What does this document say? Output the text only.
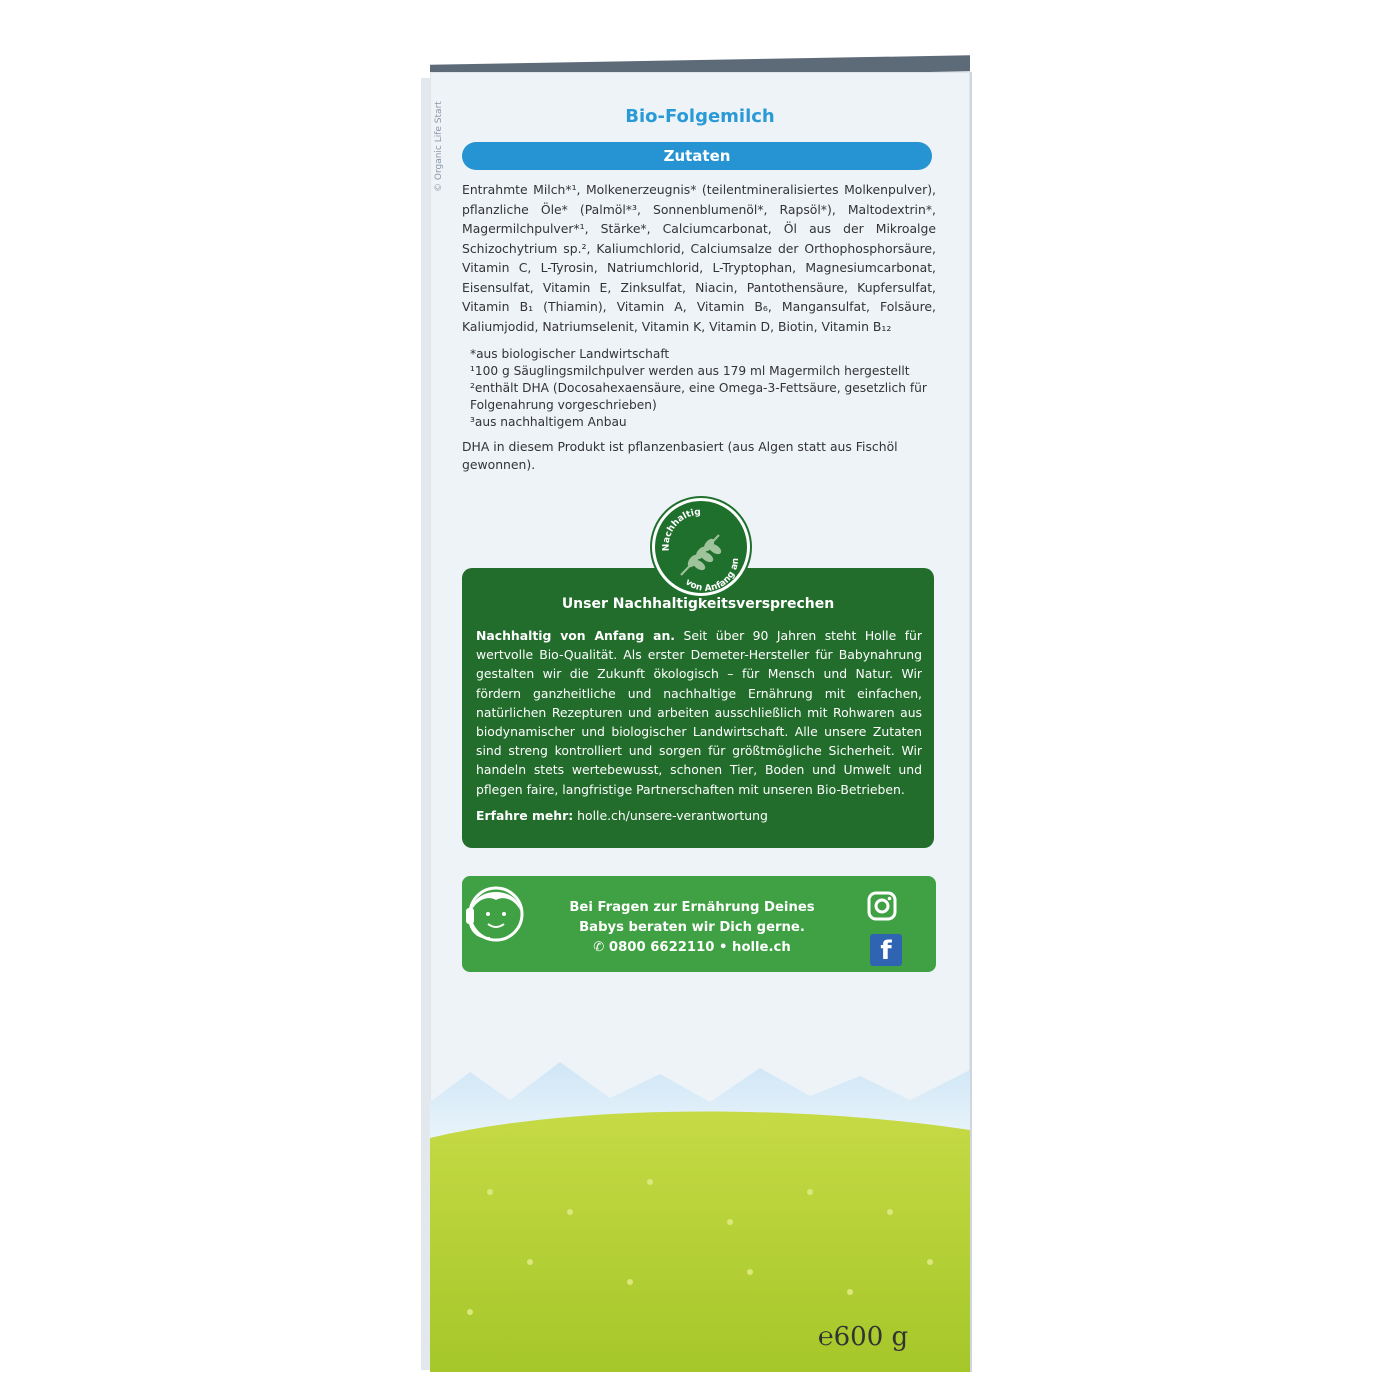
© Organic Life Start	Bio-Folgemilch
Zutaten
Entrahmte Milch*¹, Molkenerzeugnis* (teilentmineralisiertes Molkenpulver), pflanzliche Öle* (Palmöl*³, Sonnenblumenöl*, Rapsöl*), Maltodextrin*, Magermilchpulver*¹, Stärke*, Calciumcarbonat, Öl aus der Mikroalge Schizochytrium sp.², Kaliumchlorid, Calciumsalze der Orthophosphorsäure, Vitamin C, L-Tyrosin, Natriumchlorid, L-Tryptophan, Magnesiumcarbonat, Eisensulfat, Vitamin E, Zinksulfat, Niacin, Pantothensäure, Kupfersulfat, Vitamin B₁ (Thiamin), Vitamin A, Vitamin B₆, Mangansulfat, Folsäure, Kaliumjodid, Natriumselenit, Vitamin K, Vitamin D, Biotin, Vitamin B₁₂
*aus biologischer Landwirtschaft
¹100 g Säuglingsmilchpulver werden aus 179 ml Magermilch hergestellt
²enthält DHA (Docosahexaensäure, eine Omega-3-Fettsäure, gesetzlich für Folgenahrung vorgeschrieben)
³aus nachhaltigem Anbau
DHA in diesem Produkt ist pflanzenbasiert (aus Algen statt aus Fischöl gewonnen).
Unser Nachhaltigkeitsversprechen
Nachhaltig von Anfang an. Seit über 90 Jahren steht Holle für wertvolle Bio-Qualität. Als erster Demeter-Hersteller für Babynahrung gestalten wir die Zukunft ökologisch – für Mensch und Natur. Wir fördern ganzheitliche und nachhaltige Ernährung mit einfachen, natürlichen Rezepturen und arbeiten ausschließlich mit Rohwaren aus biodynamischer und biologischer Landwirtschaft. Alle unsere Zutaten sind streng kontrolliert und sorgen für größtmögliche Sicherheit. Wir handeln stets wertebewusst, schonen Tier, Boden und Umwelt und pflegen faire, langfristige Partnerschaften mit unseren Bio-Betrieben.
Erfahre mehr: holle.ch/unsere-verantwortung
Nachhaltig
von Anfang an
Bei Fragen zur Ernährung Deines
Babys beraten wir Dich gerne.
✆ 0800 6622110 • holle.ch	f
℮600 g
